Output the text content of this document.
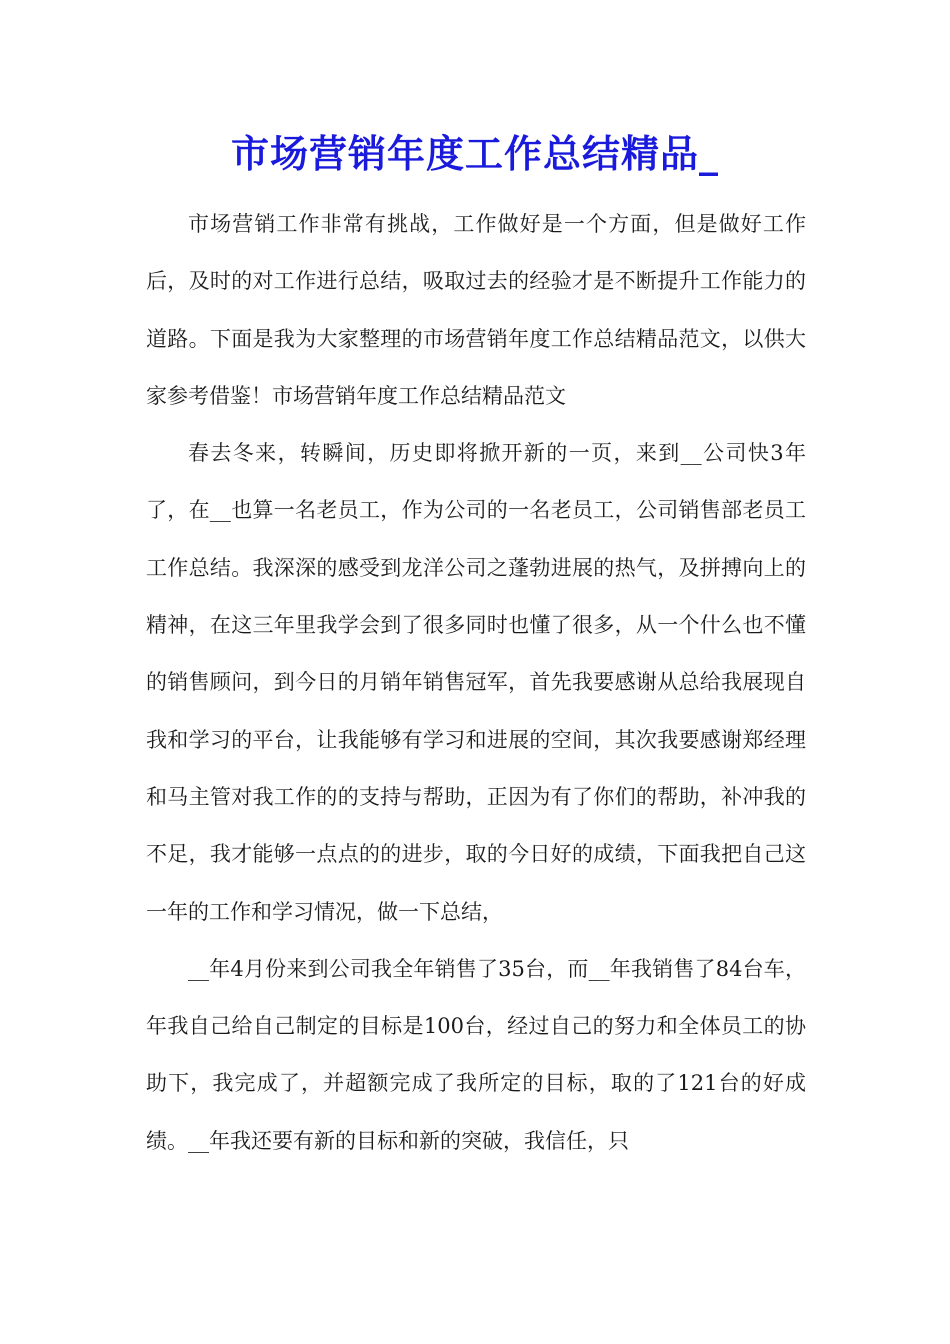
市场营销年度工作总结精品_

市场营销工作非常有挑战，工作做好是一个方面，但是做好工作后，及时的对工作进行总结，吸取过去的经验才是不断提升工作能力的道路。下面是我为大家整理的市场营销年度工作总结精品范文，以供大家参考借鉴！市场营销年度工作总结精品范文

春去冬来，转瞬间，历史即将掀开新的一页，来到__公司快3年了，在__也算一名老员工，作为公司的一名老员工，公司销售部老员工工作总结。我深深的感受到龙洋公司之蓬勃进展的热气，及拼搏向上的精神，在这三年里我学会到了很多同时也懂了很多，从一个什么也不懂的销售顾问，到今日的月销年销售冠军，首先我要感谢从总给我展现自我和学习的平台，让我能够有学习和进展的空间，其次我要感谢郑经理和马主管对我工作的的支持与帮助，正因为有了你们的帮助，补冲我的不足，我才能够一点点的的进步，取的今日好的成绩，下面我把自己这一年的工作和学习情况，做一下总结，

__年4月份来到公司我全年销售了35台，而__年我销售了84台车，年我自己给自己制定的目标是100台，经过自己的努力和全体员工的协助下，我完成了，并超额完成了我所定的目标，取的了121台的好成绩。__年我还要有新的目标和新的突破，我信任，只
